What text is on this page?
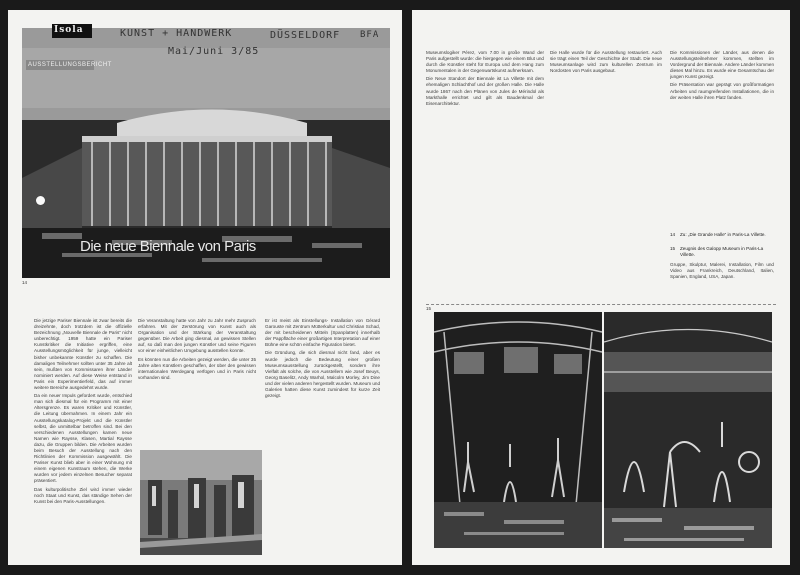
Isola
AUSSTELLUNGSBERICHT
KUNST + HANDWERK	DÜSSELDORF BFA
Mai/Juni 3/85
Die neue Biennale von Paris
14

Die jetzige Pariser Biennale ist zwar bereits die dreizehnte, doch trotzdem ist die offizielle Bezeichnung „Nouvelle Biennale de Paris“ nicht unberechtigt. 1959 hatte ein Pariser Kunstkritiker die Initiative ergriffen, eine Ausstellungsmöglichkeit für junge, vielleicht bisher unbekannte Künstler zu schaffen. Die damaligen Teilnehmer sollten unter 35 Jahre alt sein, mußten von Kommissaren ihrer Länder nominiert werden. Auf diese Weise entstand in Paris ein Experimentierfeld, das auf immer weitere Bereiche ausgedehnt wurde.

Da ein neuer Impuls gefordert wurde, entschied man sich diesmal für ein Programm mit einer Altersgrenze. Es waren Kritiker und Künstler, die Leitung übernahmen. In einem Jahr ein Ausstellungskatalog-Projekt und die Künstler selbst, die unmittelbar betroffen sind. Bei den verschiedenen Ausstellungen kamen neue Namen wie Raysse, Klasen, Martial Raysse dazu, die Gruppen bilden. Die Arbeiten wurden beim Besuch der Ausstellung nach den Richtlinien der Kommission ausgewählt. Die Pariser Kunst blieb aber in einer Wohnung mit einem eigenen Kunstraum stehen, die Werke wurden vor jedem einzelnen Besucher separat präsentiert.

Das kulturpolitische Ziel wird immer wieder noch Staat und Kunst, das ständige Sehen der Kunst bei den Paris-Ausstellungen.

Die Veranstaltung hatte von Jahr zu Jahr mehr Zuspruch erfahren. Mit der Zerstörung von Kunst auch als Organisation und der Stärkung der Veranstaltung gegenüber. Die Arbeit ging diesmal, an gewissen Stellen auf, so daß man den jungen Künstler und seine Figuren vor einer einheitlichen Umgebung ausstellen konnte.

Es könnten nun die Arbeiten gezeigt werden, die unter 35 Jahre alten Künstlern geschaffen, der über den gewissen internationalen Werdegang verfügen und in Paris nicht vorhanden sind.

Er ist meist als Einstellungs- Installation von Gérard Garouste mit Zentrum Mütterkultur und Christian Schad, der mit bescheidenen Mitteln (Spanplatten) innerhalb der Pappfläche einer großartigen Interpretation auf einer Bühne eine schön einfache Figuration bietet.

Die Gründung, die sich diesmal nicht fand, aber es wurde jedoch die Bedeutung einer großen Museumsausstellung zurückgestellt, sondern ihre Vielfalt als solche, die von Ausstellern wie Josef Beuys, Georg Baselitz, Andy Warhol, Malcolm Morley, Jim Dine und der vielen anderen hergestellt wurden. Museum und Galerien hatten diese Kunst zumindest für kurze Zeit gezeigt.

Museumslogiker Pérez, vom 7.00 in große Wand der Paris aufgestellt wurde: die hiergegen wie einem Blut und durch die Künstler steht für Europa und dem Hang zum Monumentalen in der Gegenwartskunst aufmerksam.

Die Neue Standort der Biennale ist La Villette mit dem ehemaligen Schlachthof und der großen Halle. Die Halle wurde 1867 nach den Plänen von Jules de Mérindol als Markthalle errichtet und gilt als Baudenkmal der Eisenarchitektur.

Die Halle wurde für die Ausstellung restauriert. Auch sie trägt einen Teil der Geschichte der Stadt. Die neue Museumsanlage wird zum kulturellen Zentrum im Nordosten von Paris ausgebaut.

Die Kommissionen der Länder, aus denen die Ausstellungsteilnehmer kommen, stellten im Vordergrund der Biennale. Andere Länder kommen dieses Mal hinzu. Es wurde eine Gesamtschau der jungen Kunst gezeigt.

Die Präsentation war geprägt von großformatigen Arbeiten und raumgreifenden Installationen, die in der weiten Halle ihren Platz fanden.

14 Zu: „Die Grande Halle“ in Paris-La Villette.
15 Zeugnis des Galopp Museum in Paris-La Villette.

Gruppe, Skulptur, Malerei, Installation, Film und Video aus Frankreich, Deutschland, Italien, Spanien, England, USA, Japan.

15
